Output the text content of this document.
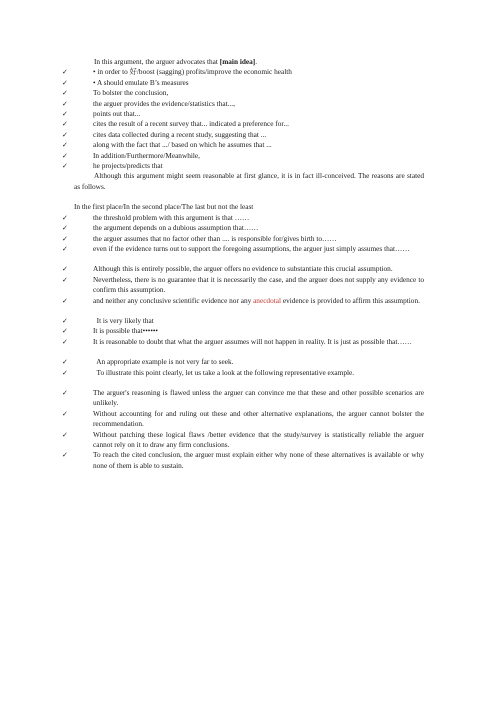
In this argument, the arguer advocates that [main idea].

✓ • in order to 好/boost (sagging) profits/improve the economic health
✓ • A should emulate B’s measures
✓ To bolster the conclusion,
✓ the arguer provides the evidence/statistics that...,
✓ points out that...
✓ cites the result of a recent survey that... indicated a preference for...
✓ cites data collected during a recent study, suggesting that ...
✓ along with the fact that .../ based on which he assumes that ...
✓ In addition/Furthermore/Meanwhile,
✓ he projects/predicts that

Although this argument might seem reasonable at first glance, it is in fact ill-conceived. The reasons are stated as follows.

In the first place/In the second place/The last but not the least

✓ the threshold problem with this argument is that ……
✓ the argument depends on a dubious assumption that……
✓ the arguer assumes that no factor other than .... is responsible for/gives birth to……
✓ even if the evidence turns out to support the foregoing assumptions, the arguer just simply assumes that……
✓ Although this is entirely possible, the arguer offers no evidence to substantiate this crucial assumption.
✓ Nevertheless, there is no guarantee that it is necessarily the case, and the arguer does not supply any evidence to confirm this assumption.
✓ and neither any conclusive scientific evidence nor any anecdotal evidence is provided to affirm this assumption.
✓   It is very likely that
✓ It is possible that••••••
✓ It is reasonable to doubt that what the arguer assumes will not happen in reality. It is just as possible that……
✓   An appropriate example is not very far to seek.
✓   To illustrate this point clearly, let us take a look at the following representative example.
✓ The arguer's reasoning is flawed unless the arguer can convince me that these and other possible scenarios are unlikely.
✓ Without accounting for and ruling out these and other alternative explanations, the arguer cannot bolster the recommendation.
✓ Without patching these logical flaws /better evidence that the study/survey is statistically reliable the arguer cannot rely on it to draw any firm conclusions.
✓ To reach the cited conclusion, the arguer must explain either why none of these alternatives is available or why none of them is able to sustain.
